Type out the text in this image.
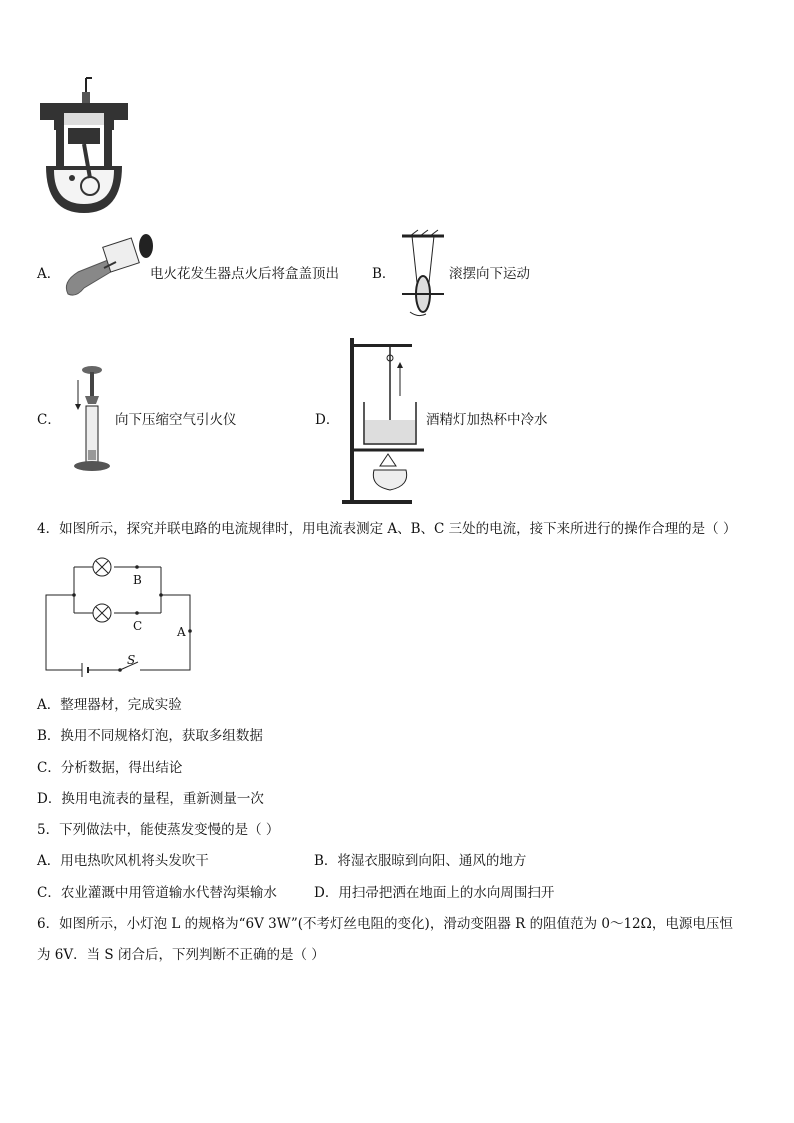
A．	电火花发生器点火后将盒盖顶出 B．	滚摆向下运动
C．	向下压缩空气引火仪	D．	酒精灯加热杯中冷水
4．如图所示，探究并联电路的电流规律时，用电流表测定 A、B、C 三处的电流，接下来所进行的操作合理的是（ ）
B
C	A
S
A．整理器材，完成实验
B．换用不同规格灯泡，获取多组数据
C．分析数据，得出结论
D．换用电流表的量程，重新测量一次
5．下列做法中，能使蒸发变慢的是（ ）
A．用电热吹风机将头发吹干	B．将湿衣服晾到向阳、通风的地方
C．农业灌溉中用管道输水代替沟渠输水	D．用扫帚把洒在地面上的水向周围扫开
6．如图所示，小灯泡 L 的规格为“6V 3W”(不考灯丝电阻的变化)，滑动变阻器 R 的阻值范为 0～12Ω，电源电压恒
为 6V．当 S 闭合后，下列判断不正确的是（ ）
